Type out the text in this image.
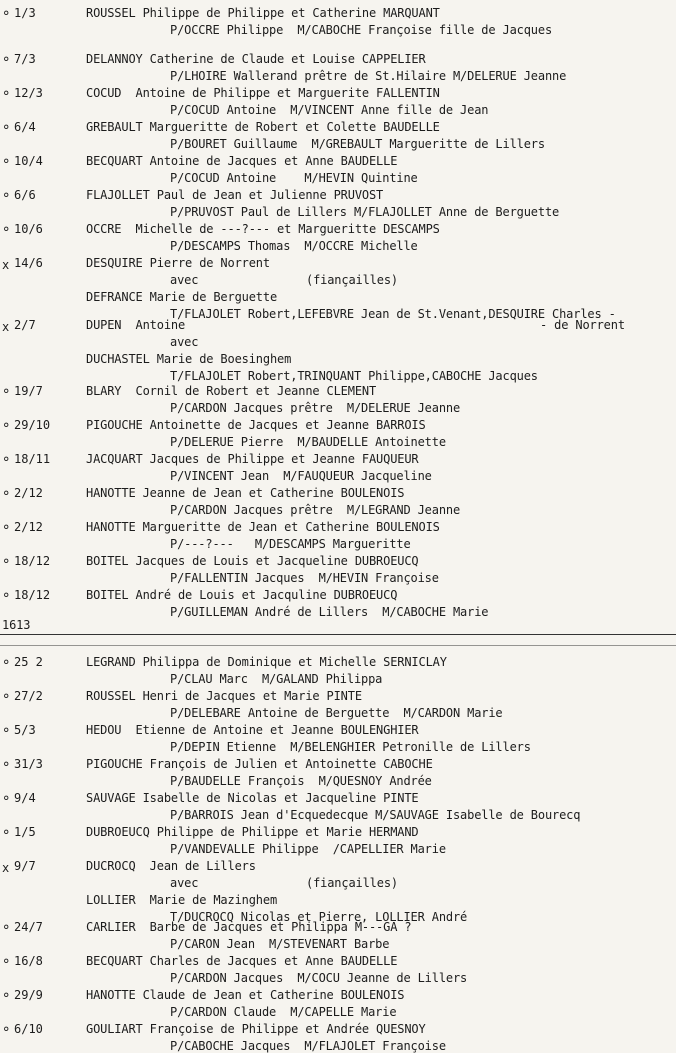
1613
° 1/3	ROUSSEL Philippe de Philippe et Catherine MARQUANT
P/OCCRE Philippe  M/CABOCHE Françoise fille de Jacques
° 7/3	DELANNOY Catherine de Claude et Louise CAPPELIER
P/LHOIRE Wallerand prêtre de St.Hilaire M/DELERUE Jeanne
° 12/3	COCUD  Antoine de Philippe et Marguerite FALLENTIN
P/COCUD Antoine  M/VINCENT Anne fille de Jean
° 6/4	GREBAULT Margueritte de Robert et Colette BAUDELLE
P/BOURET Guillaume  M/GREBAULT Margueritte de Lillers
° 10/4	BECQUART Antoine de Jacques et Anne BAUDELLE
P/COCUD Antoine    M/HEVIN Quintine
° 6/6	FLAJOLLET Paul de Jean et Julienne PRUVOST
P/PRUVOST Paul de Lillers M/FLAJOLLET Anne de Berguette
° 10/6	OCCRE  Michelle de ---?--- et Margueritte DESCAMPS
P/DESCAMPS Thomas  M/OCCRE Michelle
x 14/6	DESQUIRE Pierre de Norrent
avec	(fiançailles)
DEFRANCE Marie de Berguette
T/FLAJOLET Robert,LEFEBVRE Jean de St.Venant,DESQUIRE Charles -
x 2/7	DUPEN  Antoine	- de Norrent
avec
DUCHASTEL Marie de Boesinghem
T/FLAJOLET Robert,TRINQUANT Philippe,CABOCHE Jacques
° 19/7	BLARY  Cornil de Robert et Jeanne CLEMENT
P/CARDON Jacques prêtre  M/DELERUE Jeanne
° 29/10	PIGOUCHE Antoinette de Jacques et Jeanne BARROIS
P/DELERUE Pierre  M/BAUDELLE Antoinette
° 18/11	JACQUART Jacques de Philippe et Jeanne FAUQUEUR
P/VINCENT Jean  M/FAUQUEUR Jacqueline
° 2/12	HANOTTE Jeanne de Jean et Catherine BOULENOIS
P/CARDON Jacques prêtre  M/LEGRAND Jeanne
° 2/12	HANOTTE Margueritte de Jean et Catherine BOULENOIS
P/---?---   M/DESCAMPS Margueritte
° 18/12	BOITEL Jacques de Louis et Jacqueline DUBROEUCQ
P/FALLENTIN Jacques  M/HEVIN Françoise
° 18/12	BOITEL André de Louis et Jacquline DUBROEUCQ
P/GUILLEMAN André de Lillers  M/CABOCHE Marie
° 25 2	LEGRAND Philippa de Dominique et Michelle SERNICLAY
P/CLAU Marc  M/GALAND Philippa
° 27/2	ROUSSEL Henri de Jacques et Marie PINTE
P/DELEBARE Antoine de Berguette  M/CARDON Marie
° 5/3	HEDOU  Etienne de Antoine et Jeanne BOULENGHIER
P/DEPIN Etienne  M/BELENGHIER Petronille de Lillers
° 31/3	PIGOUCHE François de Julien et Antoinette CABOCHE
P/BAUDELLE François  M/QUESNOY Andrée
° 9/4	SAUVAGE Isabelle de Nicolas et Jacqueline PINTE
P/BARROIS Jean d'Ecquedecque M/SAUVAGE Isabelle de Bourecq
° 1/5	DUBROEUCQ Philippe de Philippe et Marie HERMAND
P/VANDEVALLE Philippe  /CAPELLIER Marie
x 9/7	DUCROCQ  Jean de Lillers
avec	(fiançailles)
LOLLIER  Marie de Mazinghem
T/DUCROCQ Nicolas et Pierre, LOLLIER André
° 24/7	CARLIER  Barbe de Jacques et Philippa M---GA ?
P/CARON Jean  M/STEVENART Barbe
° 16/8	BECQUART Charles de Jacques et Anne BAUDELLE
P/CARDON Jacques  M/COCU Jeanne de Lillers
° 29/9	HANOTTE Claude de Jean et Catherine BOULENOIS
P/CARDON Claude  M/CAPELLE Marie
° 6/10	GOULIART Françoise de Philippe et Andrée QUESNOY
P/CABOCHE Jacques  M/FLAJOLET Françoise
